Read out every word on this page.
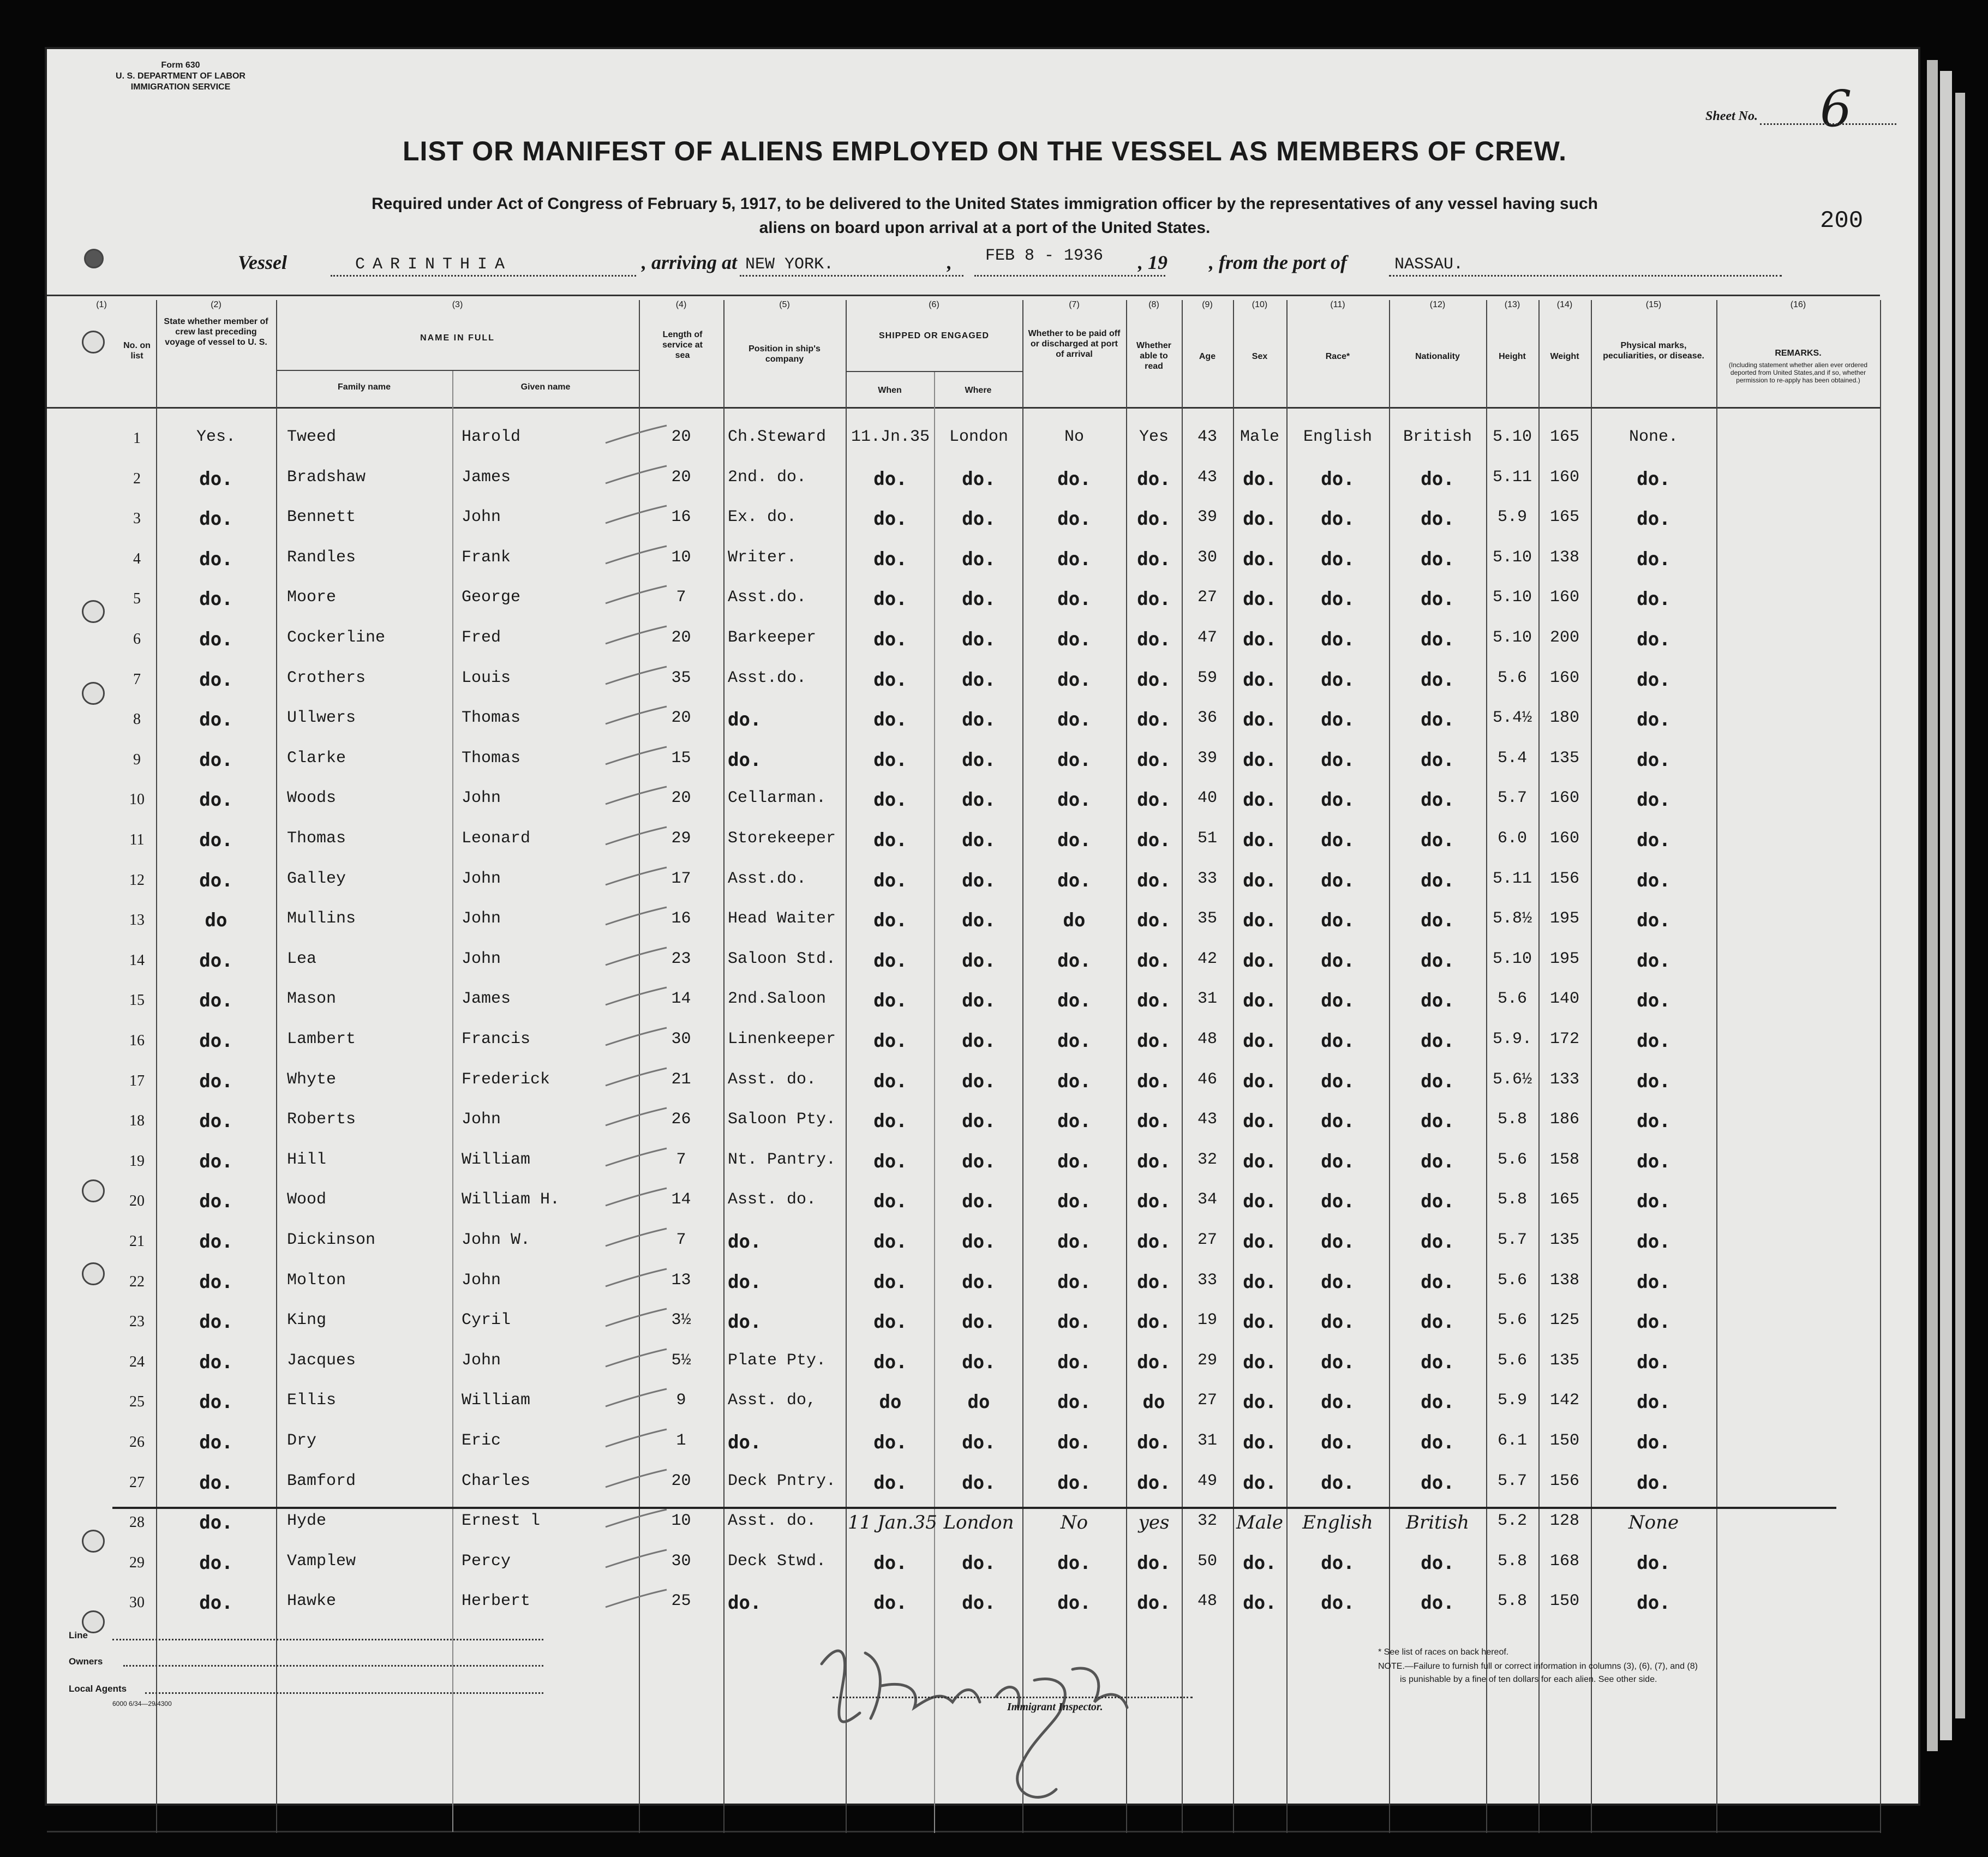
Form 630
U. S. DEPARTMENT OF LABOR
IMMIGRATION SERVICE
Sheet No. 6
LIST OR MANIFEST OF ALIENS EMPLOYED ON THE VESSEL AS MEMBERS OF CREW.
Required under Act of Congress of February 5, 1917, to be delivered to the United States immigration officer by the representatives of any vessel having such
aliens on board upon arrival at a port of the United States.	200
Vessel	CARINTHIA	, arriving at NEW YORK.	, FEB 8 - 1936 , 19 , from the port of	NASSAU.
(1)	(2)	(3)	(4)	(5)	(6)	(7)	(8)	(9)	(10)	(11)	(12)	(13)	(14)	(15)	(16)
No. on list
State whether member of crew last preceding voyage of vessel to U. S.	NAME IN FULL
Family name	Given name
Length of service at sea
Position in ship's company
SHIPPED OR ENGAGED
When	Where
Whether to be paid off or discharged at port of arrival
Whether able to read
Age	Sex	Race*	Nationality	Height	Weight
Physical marks, peculiarities, or disease.	REMARKS.
(Including statement whether alien ever ordered deported from United States,and if so, whether permission to re-apply has been obtained.)
1	Yes.	Tweed	Harold	20	Ch.Steward	11.Jn.35	London	No	Yes	43	Male	English	British	5.10	165	None.
2	do.	Bradshaw	James	20	2nd. do.	do.	do.	do.	do.	43	do.	do.	do.	5.11	160	do.
3	do.	Bennett	John	16	Ex. do.	do.	do.	do.	do.	39	do.	do.	do.	5.9	165	do.
4	do.	Randles	Frank	10	Writer.	do.	do.	do.	do.	30	do.	do.	do.	5.10	138	do.
5	do.	Moore	George	7	Asst.do.	do.	do.	do.	do.	27	do.	do.	do.	5.10	160	do.
6	do.	Cockerline	Fred	20	Barkeeper	do.	do.	do.	do.	47	do.	do.	do.	5.10	200	do.
7	do.	Crothers	Louis	35	Asst.do.	do.	do.	do.	do.	59	do.	do.	do.	5.6	160	do.
8	do.	Ullwers	Thomas	20	do.	do.	do.	do.	do.	36	do.	do.	do.	5.4½	180	do.
9	do.	Clarke	Thomas	15	do.	do.	do.	do.	do.	39	do.	do.	do.	5.4	135	do.
10	do.	Woods	John	20	Cellarman.	do.	do.	do.	do.	40	do.	do.	do.	5.7	160	do.
11	do.	Thomas	Leonard	29	Storekeeper	do.	do.	do.	do.	51	do.	do.	do.	6.0	160	do.
12	do.	Galley	John	17	Asst.do.	do.	do.	do.	do.	33	do.	do.	do.	5.11	156	do.
13	do	Mullins	John	16	Head Waiter	do.	do.	do	do.	35	do.	do.	do.	5.8½	195	do.
14	do.	Lea	John	23	Saloon Std.	do.	do.	do.	do.	42	do.	do.	do.	5.10	195	do.
15	do.	Mason	James	14	2nd.Saloon	do.	do.	do.	do.	31	do.	do.	do.	5.6	140	do.
16	do.	Lambert	Francis	30	Linenkeeper	do.	do.	do.	do.	48	do.	do.	do.	5.9.	172	do.
17	do.	Whyte	Frederick	21	Asst. do.	do.	do.	do.	do.	46	do.	do.	do.	5.6½	133	do.
18	do.	Roberts	John	26	Saloon Pty.	do.	do.	do.	do.	43	do.	do.	do.	5.8	186	do.
19	do.	Hill	William	7	Nt. Pantry.	do.	do.	do.	do.	32	do.	do.	do.	5.6	158	do.
20	do.	Wood	William H.	14	Asst. do.	do.	do.	do.	do.	34	do.	do.	do.	5.8	165	do.
21	do.	Dickinson	John W.	7	do.	do.	do.	do.	do.	27	do.	do.	do.	5.7	135	do.
22	do.	Molton	John	13	do.	do.	do.	do.	do.	33	do.	do.	do.	5.6	138	do.
23	do.	King	Cyril	3½	do.	do.	do.	do.	do.	19	do.	do.	do.	5.6	125	do.
24	do.	Jacques	John	5½	Plate Pty.	do.	do.	do.	do.	29	do.	do.	do.	5.6	135	do.
25	do.	Ellis	William	9	Asst. do,	do	do	do.	do	27	do.	do.	do.	5.9	142	do.
26	do.	Dry	Eric	1	do.	do.	do.	do.	do.	31	do.	do.	do.	6.1	150	do.
27	do.	Bamford	Charles	20	Deck Pntry.	do.	do.	do.	do.	49	do.	do.	do.	5.7	156	do.
28	do.	Hyde	Ernest l	10	Asst. do.	11 Jan.35 London	No	yes	32	Male	English	British	5.2	128	None
29	do.	Vamplew	Percy	30	Deck Stwd.	do.	do.	do.	do.	50	do.	do.	do.	5.8	168	do.
30	do.	Hawke	Herbert	25	do.	do.	do.	do.	do.	48	do.	do.	do.	5.8	150	do.
Immigrant Inspector.
Line
Owners
Local Agents
6000 6/34—29/4300
* See list of races on back hereof.
NOTE.—Failure to furnish full or correct information in columns (3), (6), (7), and (8)
is punishable by a fine of ten dollars for each alien. See other side.
